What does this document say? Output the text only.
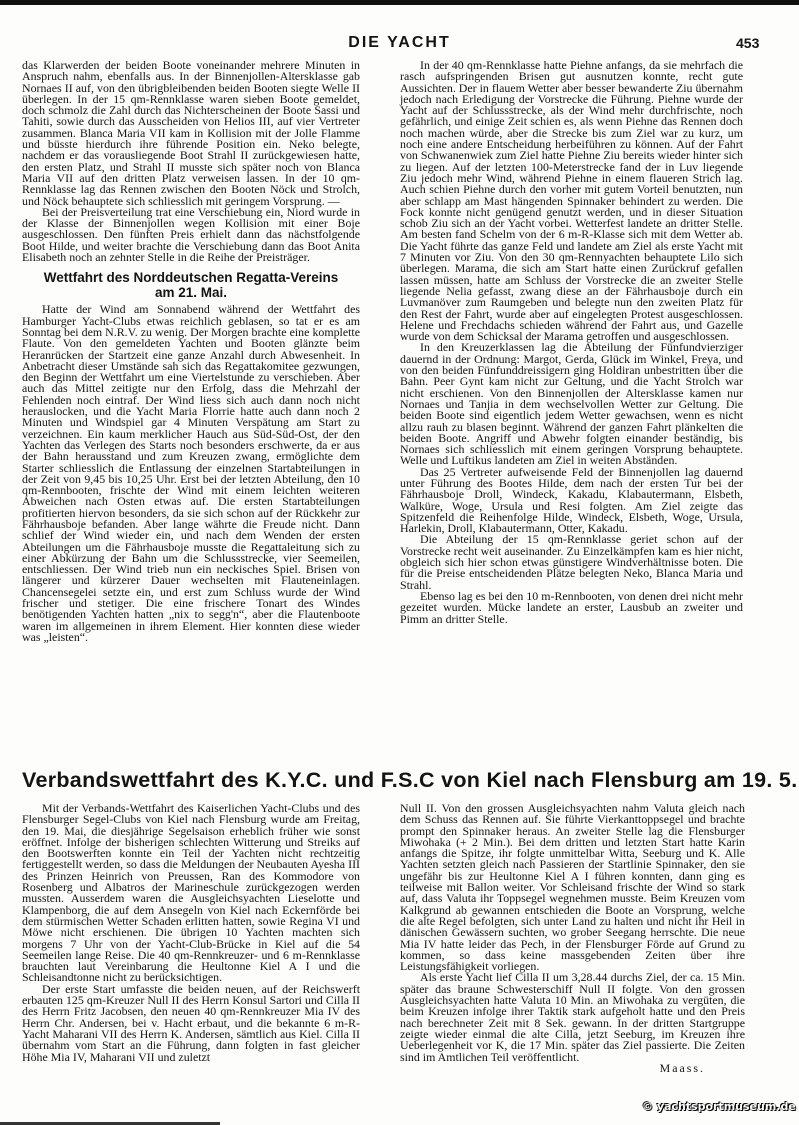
DIE YACHT	453

das Klarwerden der beiden Boote voneinander mehrere Minuten in Anspruch nahm, ebenfalls aus. In der Binnenjollen-Altersklasse gab Nornaes II auf, von den übrigbleibenden beiden Booten siegte Welle II überlegen. In der 15 qm-Rennklasse waren sieben Boote gemeldet, doch schmolz die Zahl durch das Nichterscheinen der Boote Sassi und Tahiti, sowie durch das Ausscheiden von Helios III, auf vier Vertreter zusammen. Blanca Maria VII kam in Kollision mit der Jolle Flamme und büsste hierdurch ihre führende Position ein. Neko belegte, nachdem er das vorausliegende Boot Strahl II zurückgewiesen hatte, den ersten Platz, und Strahl II musste sich später noch von Blanca Maria VII auf den dritten Platz verweisen lassen. In der 10 qm-Rennklasse lag das Rennen zwischen den Booten Nöck und Strolch, und Nöck behauptete sich schliesslich mit geringem Vorsprung. —

Bei der Preisverteilung trat eine Verschiebung ein, Niord wurde in der Klasse der Binnenjollen wegen Kollision mit einer Boje ausgeschlossen. Den fünften Preis erhielt dann das nächstfolgende Boot Hilde, und weiter brachte die Verschiebung dann das Boot Anita Elisabeth noch an zehnter Stelle in die Reihe der Preisträger.

Wettfahrt des Norddeutschen Regatta-Vereins
am 21. Mai.

Hatte der Wind am Sonnabend während der Wettfahrt des Hamburger Yacht-Clubs etwas reichlich geblasen, so tat er es am Sonntag bei dem N.R.V. zu wenig. Der Morgen brachte eine komplette Flaute. Von den gemeldeten Yachten und Booten glänzte beim Heranrücken der Startzeit eine ganze Anzahl durch Abwesenheit. In Anbetracht dieser Umstände sah sich das Regattakomitee gezwungen, den Beginn der Wettfahrt um eine Viertelstunde zu verschieben. Aber auch das Mittel zeitigte nur den Erfolg, dass die Mehrzahl der Fehlenden noch eintraf. Der Wind liess sich auch dann noch nicht herauslocken, und die Yacht Maria Florrie hatte auch dann noch 2 Minuten und Windspiel gar 4 Minuten Verspätung am Start zu verzeichnen. Ein kaum merklicher Hauch aus Süd-Süd-Ost, der den Yachten das Verlegen des Starts noch besonders erschwerte, da er aus der Bahn herausstand und zum Kreuzen zwang, ermöglichte dem Starter schliesslich die Entlassung der einzelnen Startabteilungen in der Zeit von 9,45 bis 10,25 Uhr. Erst bei der letzten Abteilung, den 10 qm-Rennbooten, frischte der Wind mit einem leichten weiteren Abweichen nach Osten etwas auf. Die ersten Startabteilungen profitierten hiervon besonders, da sie sich schon auf der Rückkehr zur Fährhausboje befanden. Aber lange währte die Freude nicht. Dann schlief der Wind wieder ein, und nach dem Wenden der ersten Abteilungen um die Fährhausboje musste die Regattaleitung sich zu einer Abkürzung der Bahn um die Schlussstrecke, vier Seemeilen, entschliessen. Der Wind trieb nun ein neckisches Spiel. Brisen von längerer und kürzerer Dauer wechselten mit Flauteneinlagen. Chancensegelei setzte ein, und erst zum Schluss wurde der Wind frischer und stetiger. Die eine frischere Tonart des Windes benötigenden Yachten hatten „nix to segg'n“, aber die Flautenboote waren im allgemeinen in ihrem Element. Hier konnten diese wieder was „leisten“.

In der 40 qm-Rennklasse hatte Piehne anfangs, da sie mehrfach die rasch aufspringenden Brisen gut ausnutzen konnte, recht gute Aussichten. Der in flauem Wetter aber besser bewanderte Ziu übernahm jedoch nach Erledigung der Vorstrecke die Führung. Piehne wurde der Yacht auf der Schlussstrecke, als der Wind mehr durchfrischte, noch gefährlich, und einige Zeit schien es, als wenn Piehne das Rennen doch noch machen würde, aber die Strecke bis zum Ziel war zu kurz, um noch eine andere Entscheidung herbeiführen zu können. Auf der Fahrt von Schwanenwiek zum Ziel hatte Piehne Ziu bereits wieder hinter sich zu liegen. Auf der letzten 100-Meterstrecke fand der in Luv liegende Ziu jedoch mehr Wind, während Piehne in einem flaueren Strich lag. Auch schien Piehne durch den vorher mit gutem Vorteil benutzten, nun aber schlapp am Mast hängenden Spinnaker behindert zu werden. Die Fock konnte nicht genügend genutzt werden, und in dieser Situation schob Ziu sich an der Yacht vorbei. Wetterfest landete an dritter Stelle. Am besten fand Schelm von der 6 m-R-Klasse sich mit dem Wetter ab. Die Yacht führte das ganze Feld und landete am Ziel als erste Yacht mit 7 Minuten vor Ziu. Von den 30 qm-Rennyachten behauptete Lilo sich überlegen. Marama, die sich am Start hatte einen Zurückruf gefallen lassen müssen, hatte am Schluss der Vorstrecke die an zweiter Stelle liegende Nelia gefasst, zwang diese an der Fährhausboje durch ein Luvmanöver zum Raumgeben und belegte nun den zweiten Platz für den Rest der Fahrt, wurde aber auf eingelegten Protest ausgeschlossen. Helene und Frechdachs schieden während der Fahrt aus, und Gazelle wurde von dem Schicksal der Marama getroffen und ausgeschlossen.

In den Kreuzerklassen lag die Abteilung der Fünfundvierziger dauernd in der Ordnung: Margot, Gerda, Glück im Winkel, Freya, und von den beiden Fünfunddreissigern ging Holdiran unbestritten über die Bahn. Peer Gynt kam nicht zur Geltung, und die Yacht Strolch war nicht erschienen. Von den Binnenjollen der Altersklasse kamen nur Nornaes und Tanjia in dem wechselvollen Wetter zur Geltung. Die beiden Boote sind eigentlich jedem Wetter gewachsen, wenn es nicht allzu rauh zu blasen beginnt. Während der ganzen Fahrt plänkelten die beiden Boote. Angriff und Abwehr folgten einander beständig, bis Nornaes sich schliesslich mit einem geringen Vorsprung behauptete. Welle und Luftikus landeten am Ziel in weiten Abständen.

Das 25 Vertreter aufweisende Feld der Binnenjollen lag dauernd unter Führung des Bootes Hilde, dem nach der ersten Tur bei der Fährhausboje Droll, Windeck, Kakadu, Klabautermann, Elsbeth, Walküre, Woge, Ursula und Resi folgten. Am Ziel zeigte das Spitzenfeld die Reihenfolge Hilde, Windeck, Elsbeth, Woge, Ursula, Harlekin, Droll, Klabautermann, Otter, Kakadu.

Die Abteilung der 15 qm-Rennklasse geriet schon auf der Vorstrecke recht weit auseinander. Zu Einzelkämpfen kam es hier nicht, obgleich sich hier schon etwas günstigere Windverhältnisse boten. Die für die Preise entscheidenden Plätze belegten Neko, Blanca Maria und Strahl.

Ebenso lag es bei den 10 m-Rennbooten, von denen drei nicht mehr gezeitet wurden. Mücke landete an erster, Lausbub an zweiter und Pimm an dritter Stelle.

Verbandswettfahrt des K.Y.C. und F.S.C von Kiel nach Flensburg am 19. 5.

Mit der Verbands-Wettfahrt des Kaiserlichen Yacht-Clubs und des Flensburger Segel-Clubs von Kiel nach Flensburg wurde am Freitag, den 19. Mai, die diesjährige Segelsaison erheblich früher wie sonst eröffnet. Infolge der bisherigen schlechten Witterung und Streiks auf den Bootswerften konnte ein Teil der Yachten nicht rechtzeitig fertiggestellt werden, so dass die Meldungen der Neubauten Ayesha III des Prinzen Heinrich von Preussen, Ran des Kommodore von Rosenberg und Albatros der Marineschule zurückgezogen werden mussten. Ausserdem waren die Ausgleichsyachten Lieselotte und Klampenborg, die auf dem Ansegeln von Kiel nach Eckernförde bei dem stürmischen Wetter Schaden erlitten hatten, sowie Regina VI und Möwe nicht erschienen. Die übrigen 10 Yachten machten sich morgens 7 Uhr von der Yacht-Club-Brücke in Kiel auf die 54 Seemeilen lange Reise. Die 40 qm-Rennkreuzer- und 6 m-Rennklasse brauchten laut Vereinbarung die Heultonne Kiel A I und die Schleisandtonne nicht zu berücksichtigen.

Der erste Start umfasste die beiden neuen, auf der Reichswerft erbauten 125 qm-Kreuzer Null II des Herrn Konsul Sartori und Cilla II des Herrn Fritz Jacobsen, den neuen 40 qm-Rennkreuzer Mia IV des Herrn Chr. Andersen, bei v. Hacht erbaut, und die bekannte 6 m-R-Yacht Maharani VII des Herrn K. Andersen, sämtlich aus Kiel. Cilla II übernahm vom Start an die Führung, dann folgten in fast gleicher Höhe Mia IV, Maharani VII und zuletzt

Null II. Von den grossen Ausgleichsyachten nahm Valuta gleich nach dem Schuss das Rennen auf. Sie führte Vierkanttoppsegel und brachte prompt den Spinnaker heraus. An zweiter Stelle lag die Flensburger Miwohaka (+ 2 Min.). Bei dem dritten und letzten Start hatte Karin anfangs die Spitze, ihr folgte unmittelbar Witta, Seeburg und K. Alle Yachten setzten gleich nach Passieren der Startlinie Spinnaker, den sie ungefähr bis zur Heultonne Kiel A I führen konnten, dann ging es teilweise mit Ballon weiter. Vor Schleisand frischte der Wind so stark auf, dass Valuta ihr Toppsegel wegnehmen musste. Beim Kreuzen vom Kalkgrund ab gewannen entschieden die Boote an Vorsprung, welche die alte Regel befolgten, sich unter Land zu halten und nicht ihr Heil in dänischen Gewässern suchten, wo grober Seegang herrschte. Die neue Mia IV hatte leider das Pech, in der Flensburger Förde auf Grund zu kommen, so dass keine massgebenden Zeiten über ihre Leistungsfähigkeit vorliegen.

Als erste Yacht lief Cilla II um 3,28.44 durchs Ziel, der ca. 15 Min. später das braune Schwesterschiff Null II folgte. Von den grossen Ausgleichsyachten hatte Valuta 10 Min. an Miwohaka zu vergüten, die beim Kreuzen infolge ihrer Taktik stark aufgeholt hatte und den Preis nach berechneter Zeit mit 8 Sek. gewann. In der dritten Startgruppe zeigte wieder einmal die alte Cilla, jetzt Seeburg, im Kreuzen ihre Ueberlegenheit vor K, die 17 Min. später das Ziel passierte. Die Zeiten sind im Amtlichen Teil veröffentlicht.

Maass.
© yachtsportmuseum.de
